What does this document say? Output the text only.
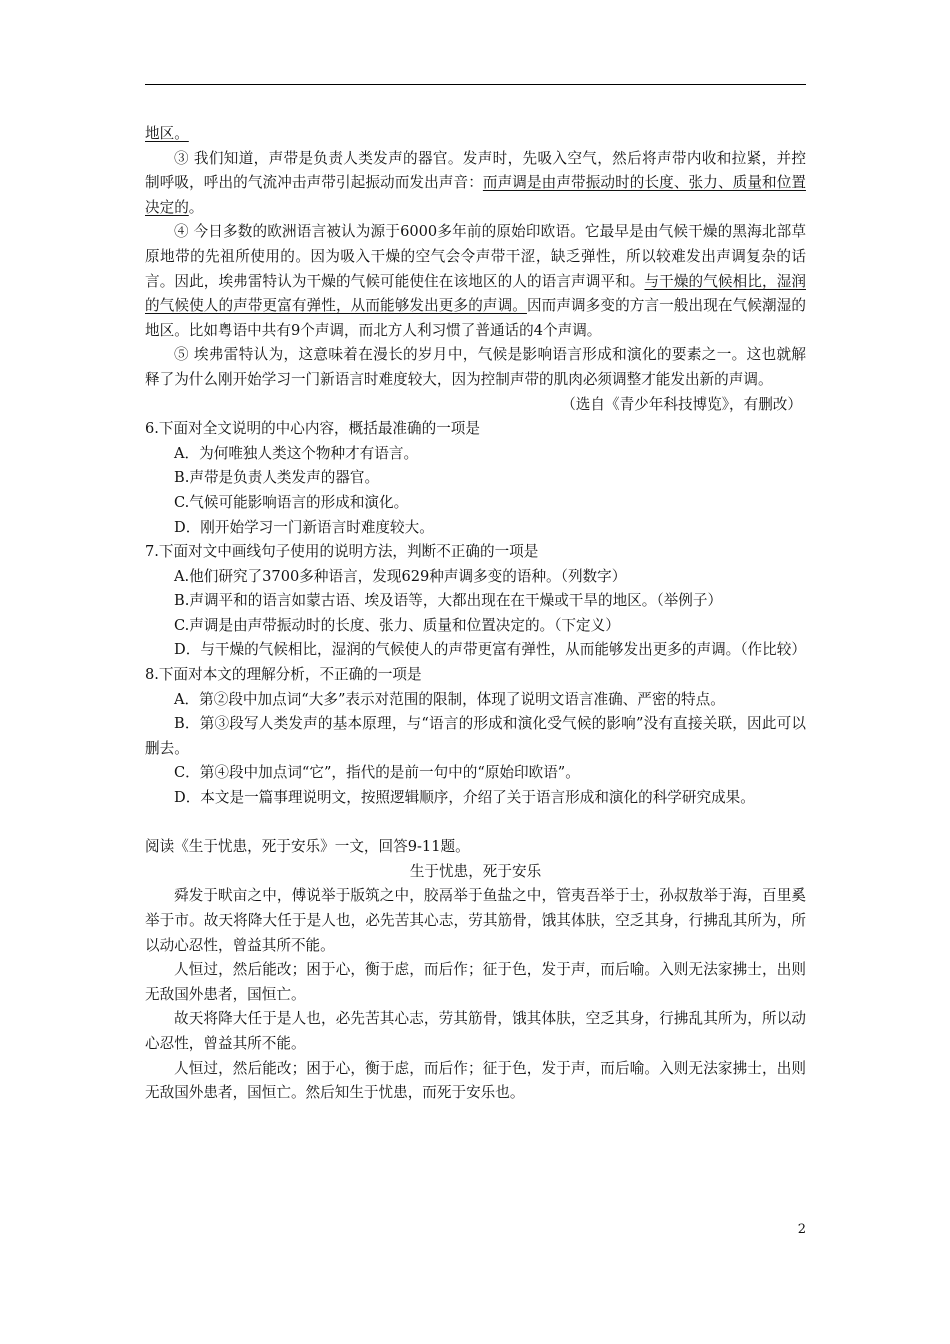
地区。

③ 我们知道，声带是负责人类发声的器官。发声时，先吸入空气，然后将声带内收和拉紧，并控制呼吸，呼出的气流冲击声带引起振动而发出声音：而声调是由声带振动时的长度、张力、质量和位置决定的。

④ 今日多数的欧洲语言被认为源于6000多年前的原始印欧语。它最早是由气候干燥的黑海北部草原地带的先祖所使用的。因为吸入干燥的空气会令声带干涩，缺乏弹性，所以较难发出声调复杂的话言。因此，埃弗雷特认为干燥的气候可能使住在该地区的人的语言声调平和。与干燥的气候相比，湿润的气候使人的声带更富有弹性，从而能够发出更多的声调。因而声调多变的方言一般出现在气候潮湿的地区。比如粤语中共有9个声调，而北方人利习惯了普通话的4个声调。

⑤ 埃弗雷特认为，这意味着在漫长的岁月中，气候是影响语言形成和演化的要素之一。这也就解释了为什么刚开始学习一门新语言时难度较大，因为控制声带的肌肉必须调整才能发出新的声调。

（选自《青少年科技博览》，有删改）

6.下面对全文说明的中心内容，概括最准确的一项是

A．为何唯独人类这个物种才有语言。

B.声带是负责人类发声的器官。

C.气候可能影响语言的形成和演化。

D．刚开始学习一门新语言时难度较大。

7.下面对文中画线句子使用的说明方法，判断不正确的一项是

A.他们研究了3700多种语言，发现629种声调多变的语种。（列数字）

B.声调平和的语言如蒙古语、埃及语等，大都出现在在干燥或干旱的地区。（举例子）

C.声调是由声带振动时的长度、张力、质量和位置决定的。（下定义）

D．与干燥的气候相比，湿润的气候使人的声带更富有弹性，从而能够发出更多的声调。（作比较）

8.下面对本文的理解分析，不正确的一项是

A．第②段中加点词“大多”表示对范围的限制，体现了说明文语言准确、严密的特点。

B．第③段写人类发声的基本原理，与“语言的形成和演化受气候的影响”没有直接关联，因此可以删去。

C．第④段中加点词“它”，指代的是前一句中的“原始印欧语”。

D．本文是一篇事理说明文，按照逻辑顺序，介绍了关于语言形成和演化的科学研究成果。

阅读《生于忧患，死于安乐》一文，回答9-11题。

生于忧患，死于安乐

舜发于畎亩之中，傅说举于版筑之中，胶鬲举于鱼盐之中，管夷吾举于士，孙叔敖举于海，百里奚举于市。故天将降大任于是人也，必先苦其心志，劳其筋骨，饿其体肤，空乏其身，行拂乱其所为，所以动心忍性，曾益其所不能。

人恒过，然后能改；困于心，衡于虑，而后作；征于色，发于声，而后喻。入则无法家拂士，出则无敌国外患者，国恒亡。

故天将降大任于是人也，必先苦其心志，劳其筋骨，饿其体肤，空乏其身，行拂乱其所为，所以动心忍性，曾益其所不能。

人恒过，然后能改；困于心，衡于虑，而后作；征于色，发于声，而后喻。入则无法家拂士，出则无敌国外患者，国恒亡。然后知生于忧患，而死于安乐也。

2
